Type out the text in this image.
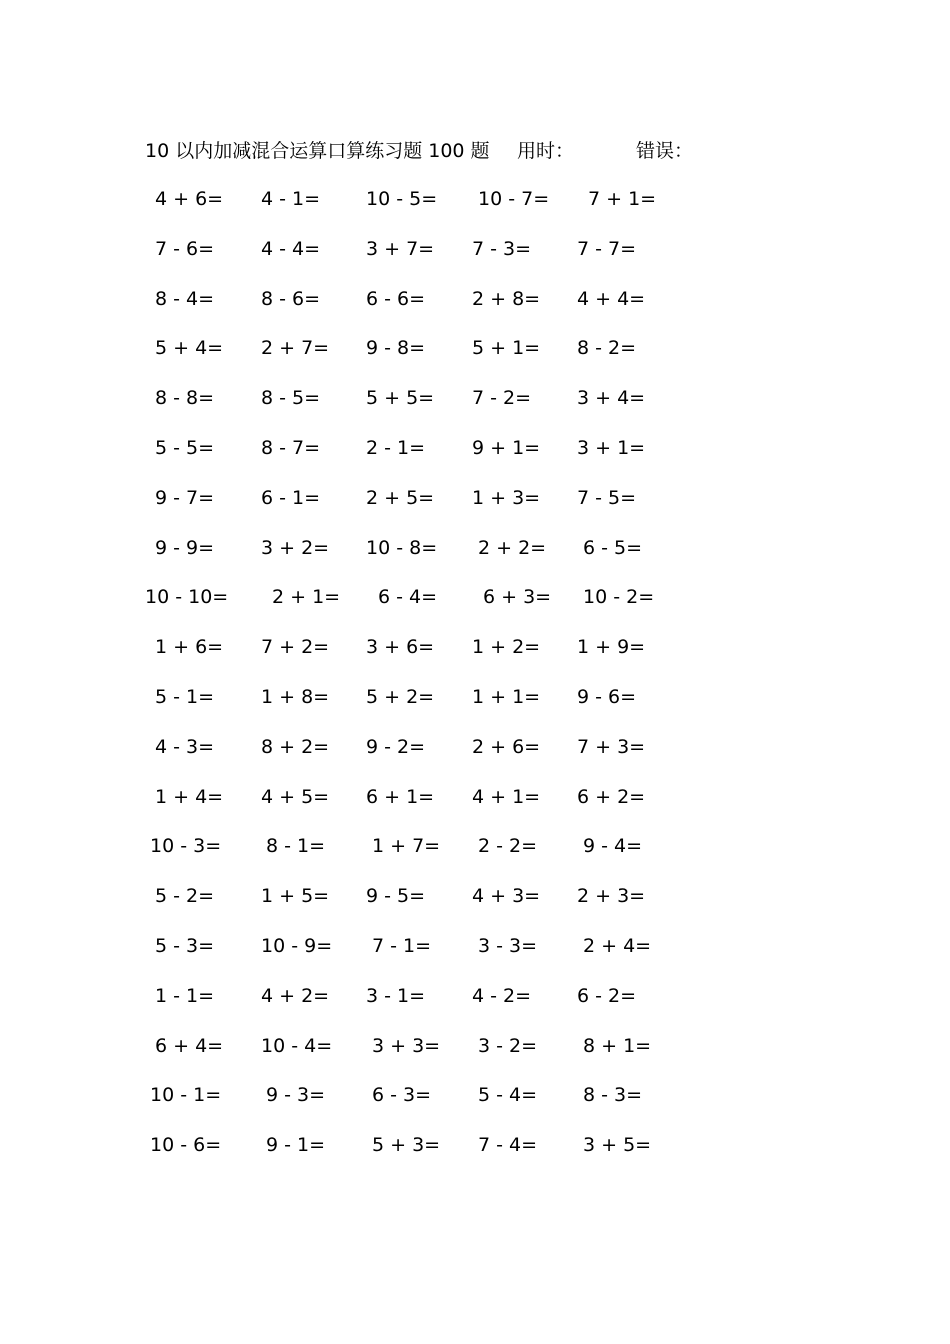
10 以内加减混合运算口算练习题 100 题 用时：	错误：
4 + 6= 4 - 1= 10 - 5= 10 - 7= 7 + 1=
7 - 6= 4 - 4= 3 + 7= 7 - 3= 7 - 7=
8 - 4= 8 - 6= 6 - 6= 2 + 8= 4 + 4=
5 + 4= 2 + 7= 9 - 8= 5 + 1= 8 - 2=
8 - 8= 8 - 5= 5 + 5= 7 - 2= 3 + 4=
5 - 5= 8 - 7= 2 - 1= 9 + 1= 3 + 1=
9 - 7= 6 - 1= 2 + 5= 1 + 3= 7 - 5=
9 - 9= 3 + 2= 10 - 8= 2 + 2= 6 - 5=
10 - 10= 2 + 1= 6 - 4= 6 + 3= 10 - 2=
1 + 6= 7 + 2= 3 + 6= 1 + 2= 1 + 9=
5 - 1= 1 + 8= 5 + 2= 1 + 1= 9 - 6=
4 - 3= 8 + 2= 9 - 2= 2 + 6= 7 + 3=
1 + 4= 4 + 5= 6 + 1= 4 + 1= 6 + 2=
10 - 3= 8 - 1= 1 + 7= 2 - 2= 9 - 4=
5 - 2= 1 + 5= 9 - 5= 4 + 3= 2 + 3=
5 - 3= 10 - 9= 7 - 1= 3 - 3= 2 + 4=
1 - 1= 4 + 2= 3 - 1= 4 - 2= 6 - 2=
6 + 4= 10 - 4= 3 + 3= 3 - 2= 8 + 1=
10 - 1= 9 - 3= 6 - 3= 5 - 4= 8 - 3=
10 - 6= 9 - 1= 5 + 3= 7 - 4= 3 + 5=
